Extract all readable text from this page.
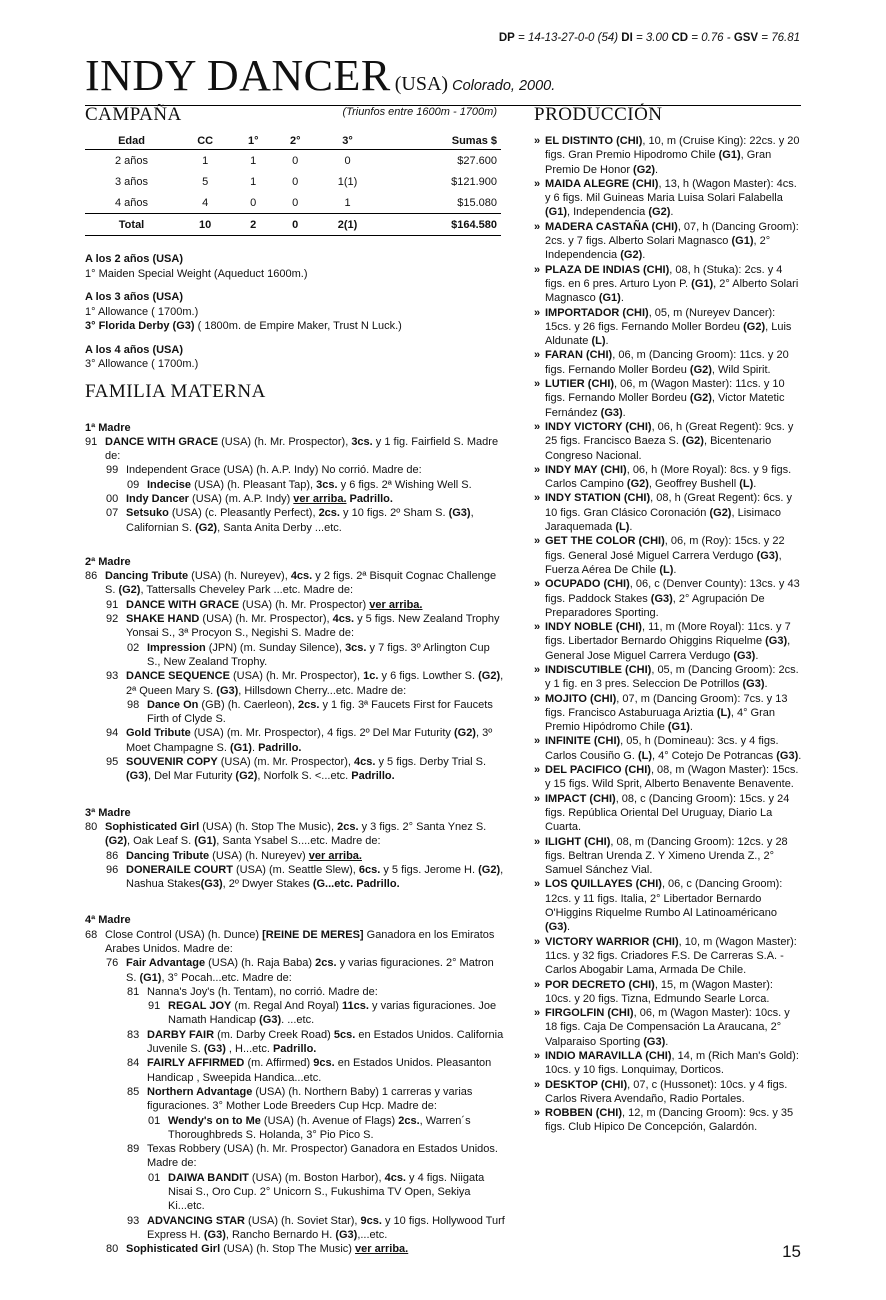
DP = 14-13-27-0-0 (54) DI = 3.00 CD = 0.76 - GSV = 76.81
INDY DANCER (USA) Colorado, 2000.
CAMPAÑA	(Triunfos entre 1600m - 1700m)
Edad	CC	1°	2°	3°	Sumas $
2 años	1	1	0	0	$27.600
3 años	5	1	0	1(1)	$121.900
4 años	4	0	0	1	$15.080
Total	10	2	0	2(1)	$164.580
A los 2 años (USA)
1° Maiden Special Weight (Aqueduct 1600m.)
A los 3 años (USA)
1° Allowance ( 1700m.)
3° Florida Derby (G3) ( 1800m. de Empire Maker, Trust N Luck.)
A los 4 años (USA)
3° Allowance ( 1700m.)
FAMILIA MATERNA
1ª Madre
91 DANCE WITH GRACE (USA) (h. Mr. Prospector), 3cs. y 1 fig. Fairfield S. Madre de:
99 Independent Grace (USA) (h. A.P. Indy) No corrió. Madre de:
09 Indecise (USA) (h. Pleasant Tap), 3cs. y 6 figs. 2ª Wishing Well S.
00 Indy Dancer (USA) (m. A.P. Indy) ver arriba. Padrillo.
07 Setsuko (USA) (c. Pleasantly Perfect), 2cs. y 10 figs. 2º Sham S. (G3), Californian S. (G2), Santa Anita Derby ...etc.
2ª Madre
86 Dancing Tribute (USA) (h. Nureyev), 4cs. y 2 figs. 2ª Bisquit Cognac Challenge S. (G2), Tattersalls Cheveley Park ...etc. Madre de:
91 DANCE WITH GRACE (USA) (h. Mr. Prospector) ver arriba.
92 SHAKE HAND (USA) (h. Mr. Prospector), 4cs. y 5 figs. New Zealand Trophy Yonsai S., 3ª Procyon S., Negishi S. Madre de:
02 Impression (JPN) (m. Sunday Silence), 3cs. y 7 figs. 3º Arlington Cup S., New Zealand Trophy.
93 DANCE SEQUENCE (USA) (h. Mr. Prospector), 1c. y 6 figs. Lowther S. (G2), 2ª Queen Mary S. (G3), Hillsdown Cherry...etc. Madre de:
98 Dance On (GB) (h. Caerleon), 2cs. y 1 fig. 3ª Faucets First for Faucets Firth of Clyde S.
94 Gold Tribute (USA) (m. Mr. Prospector), 4 figs. 2º Del Mar Futurity (G2), 3º Moet Champagne S. (G1). Padrillo.
95 SOUVENIR COPY (USA) (m. Mr. Prospector), 4cs. y 5 figs. Derby Trial S. (G3), Del Mar Futurity (G2), Norfolk S. <...etc. Padrillo.
3ª Madre
80 Sophisticated Girl (USA) (h. Stop The Music), 2cs. y 3 figs. 2° Santa Ynez S. (G2), Oak Leaf S. (G1), Santa Ysabel S....etc. Madre de:
86 Dancing Tribute (USA) (h. Nureyev) ver arriba.
96 DONERAILE COURT (USA) (m. Seattle Slew), 6cs. y 5 figs. Jerome H. (G2), Nashua Stakes(G3), 2º Dwyer Stakes (G...etc. Padrillo.
4ª Madre
68 Close Control (USA) (h. Dunce) [REINE DE MERES] Ganadora en los Emiratos Arabes Unidos. Madre de:
76 Fair Advantage (USA) (h. Raja Baba) 2cs. y varias figuraciones. 2° Matron S. (G1), 3° Pocah...etc. Madre de:
81 Nanna's Joy's (h. Tentam), no corrió. Madre de:
91 REGAL JOY (m. Regal And Royal) 11cs. y varias figuraciones. Joe Namath Handicap (G3). ...etc.
83 DARBY FAIR (m. Darby Creek Road) 5cs. en Estados Unidos. California Juvenile S. (G3) , H...etc. Padrillo.
84 FAIRLY AFFIRMED (m. Affirmed) 9cs. en Estados Unidos. Pleasanton Handicap , Sweepida Handica...etc.
85 Northern Advantage (USA) (h. Northern Baby) 1 carreras y varias figuraciones. 3° Mother Lode Breeders Cup Hcp. Madre de:
01 Wendy's on to Me (USA) (h. Avenue of Flags) 2cs., Warren´s Thoroughbreds S. Holanda, 3° Pio Pico S.
89 Texas Robbery (USA) (h. Mr. Prospector) Ganadora en Estados Unidos. Madre de:
01 DAIWA BANDIT (USA) (m. Boston Harbor), 4cs. y 4 figs. Niigata Nisai S., Oro Cup. 2° Unicorn S., Fukushima TV Open, Sekiya Ki...etc.
93 ADVANCING STAR (USA) (h. Soviet Star), 9cs. y 10 figs. Hollywood Turf Express H. (G3), Rancho Bernardo H. (G3),...etc.
80 Sophisticated Girl (USA) (h. Stop The Music) ver arriba.
PRODUCCIÓN
» EL DISTINTO (CHI), 10, m (Cruise King): 22cs. y 20 figs. Gran Premio Hipodromo Chile (G1), Gran Premio De Honor (G2).
» MAIDA ALEGRE (CHI), 13, h (Wagon Master): 4cs. y 6 figs. Mil Guineas Maria Luisa Solari Falabella (G1), Independencia (G2).
» MADERA CASTAÑA (CHI), 07, h (Dancing Groom): 2cs. y 7 figs. Alberto Solari Magnasco (G1), 2° Independencia (G2).
» PLAZA DE INDIAS (CHI), 08, h (Stuka): 2cs. y 4 figs. en 6 pres. Arturo Lyon P. (G1), 2° Alberto Solari Magnasco (G1).
» IMPORTADOR (CHI), 05, m (Nureyev Dancer): 15cs. y 26 figs. Fernando Moller Bordeu (G2), Luis Aldunate (L).
» FARAN (CHI), 06, m (Dancing Groom): 11cs. y 20 figs. Fernando Moller Bordeu (G2), Wild Spirit.
» LUTIER (CHI), 06, m (Wagon Master): 11cs. y 10 figs. Fernando Moller Bordeu (G2), Victor Matetic Fernández (G3).
» INDY VICTORY (CHI), 06, h (Great Regent): 9cs. y 25 figs. Francisco Baeza S. (G2), Bicentenario Congreso Nacional.
» INDY MAY (CHI), 06, h (More Royal): 8cs. y 9 figs. Carlos Campino (G2), Geoffrey Bushell (L).
» INDY STATION (CHI), 08, h (Great Regent): 6cs. y 10 figs. Gran Clásico Coronación (G2), Lisimaco Jaraquemada (L).
» GET THE COLOR (CHI), 06, m (Roy): 15cs. y 22 figs. General José Miguel Carrera Verdugo (G3), Fuerza Aérea De Chile (L).
» OCUPADO (CHI), 06, c (Denver County): 13cs. y 43 figs. Paddock Stakes (G3), 2° Agrupación De Preparadores Sporting.
» INDY NOBLE (CHI), 11, m (More Royal): 11cs. y 7 figs. Libertador Bernardo Ohiggins Riquelme (G3), General Jose Miguel Carrera Verdugo (G3).
» INDISCUTIBLE (CHI), 05, m (Dancing Groom): 2cs. y 1 fig. en 3 pres. Seleccion De Potrillos (G3).
» MOJITO (CHI), 07, m (Dancing Groom): 7cs. y 13 figs. Francisco Astaburuaga Ariztia (L), 4° Gran Premio Hipódromo Chile (G1).
» INFINITE (CHI), 05, h (Domineau): 3cs. y 4 figs. Carlos Cousiño G. (L), 4° Cotejo De Potrancas (G3).
» DEL PACIFICO (CHI), 08, m (Wagon Master): 15cs. y 15 figs. Wild Sprit, Alberto Benavente Benavente.
» IMPACT (CHI), 08, c (Dancing Groom): 15cs. y 24 figs. República Oriental Del Uruguay, Diario La Cuarta.
» ILIGHT (CHI), 08, m (Dancing Groom): 12cs. y 28 figs. Beltran Urenda Z. Y Ximeno Urenda Z., 2° Samuel Sánchez Vial.
» LOS QUILLAYES (CHI), 06, c (Dancing Groom): 12cs. y 11 figs. Italia, 2° Libertador Bernardo O'Higgins Riquelme Rumbo Al Latinoaméricano (G3).
» VICTORY WARRIOR (CHI), 10, m (Wagon Master): 11cs. y 32 figs. Criadores F.S. De Carreras S.A. - Carlos Abogabir Lama, Armada De Chile.
» POR DECRETO (CHI), 15, m (Wagon Master): 10cs. y 20 figs. Tizna, Edmundo Searle Lorca.
» FIRGOLFIN (CHI), 06, m (Wagon Master): 10cs. y 18 figs. Caja De Compensación La Araucana, 2° Valparaiso Sporting (G3).
» INDIO MARAVILLA (CHI), 14, m (Rich Man's Gold): 10cs. y 10 figs. Lonquimay, Dorticos.
» DESKTOP (CHI), 07, c (Hussonet): 10cs. y 4 figs. Carlos Rivera Avendaño, Radio Portales.
» ROBBEN (CHI), 12, m (Dancing Groom): 9cs. y 35 figs. Club Hipico De Concepción, Galardón.
15
